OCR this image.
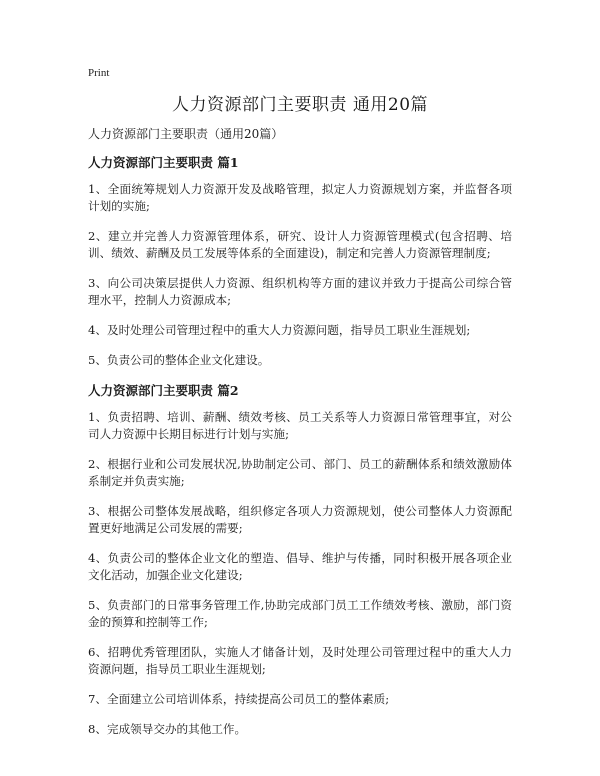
Print
人力资源部门主要职责 通用20篇
人力资源部门主要职责（通用20篇）
人力资源部门主要职责 篇1

1、全面统筹规划人力资源开发及战略管理，拟定人力资源规划方案，并监督各项计划的实施;

2、建立并完善人力资源管理体系，研究、设计人力资源管理模式(包含招聘、培训、绩效、薪酬及员工发展等体系的全面建设)，制定和完善人力资源管理制度;

3、向公司决策层提供人力资源、组织机构等方面的建议并致力于提高公司综合管理水平，控制人力资源成本;

4、及时处理公司管理过程中的重大人力资源问题，指导员工职业生涯规划;

5、负责公司的整体企业文化建设。

人力资源部门主要职责 篇2

1、负责招聘、培训、薪酬、绩效考核、员工关系等人力资源日常管理事宜，对公司人力资源中长期目标进行计划与实施;

2、根据行业和公司发展状况,协助制定公司、部门、员工的薪酬体系和绩效激励体系制定并负责实施;

3、根据公司整体发展战略，组织修定各项人力资源规划，使公司整体人力资源配置更好地满足公司发展的需要;

4、负责公司的整体企业文化的塑造、倡导、维护与传播，同时积极开展各项企业文化活动，加强企业文化建设;

5、负责部门的日常事务管理工作,协助完成部门员工工作绩效考核、激励，部门资金的预算和控制等工作;

6、招聘优秀管理团队，实施人才储备计划，及时处理公司管理过程中的重大人力资源问题，指导员工职业生涯规划;

7、全面建立公司培训体系，持续提高公司员工的整体素质;

8、完成领导交办的其他工作。
